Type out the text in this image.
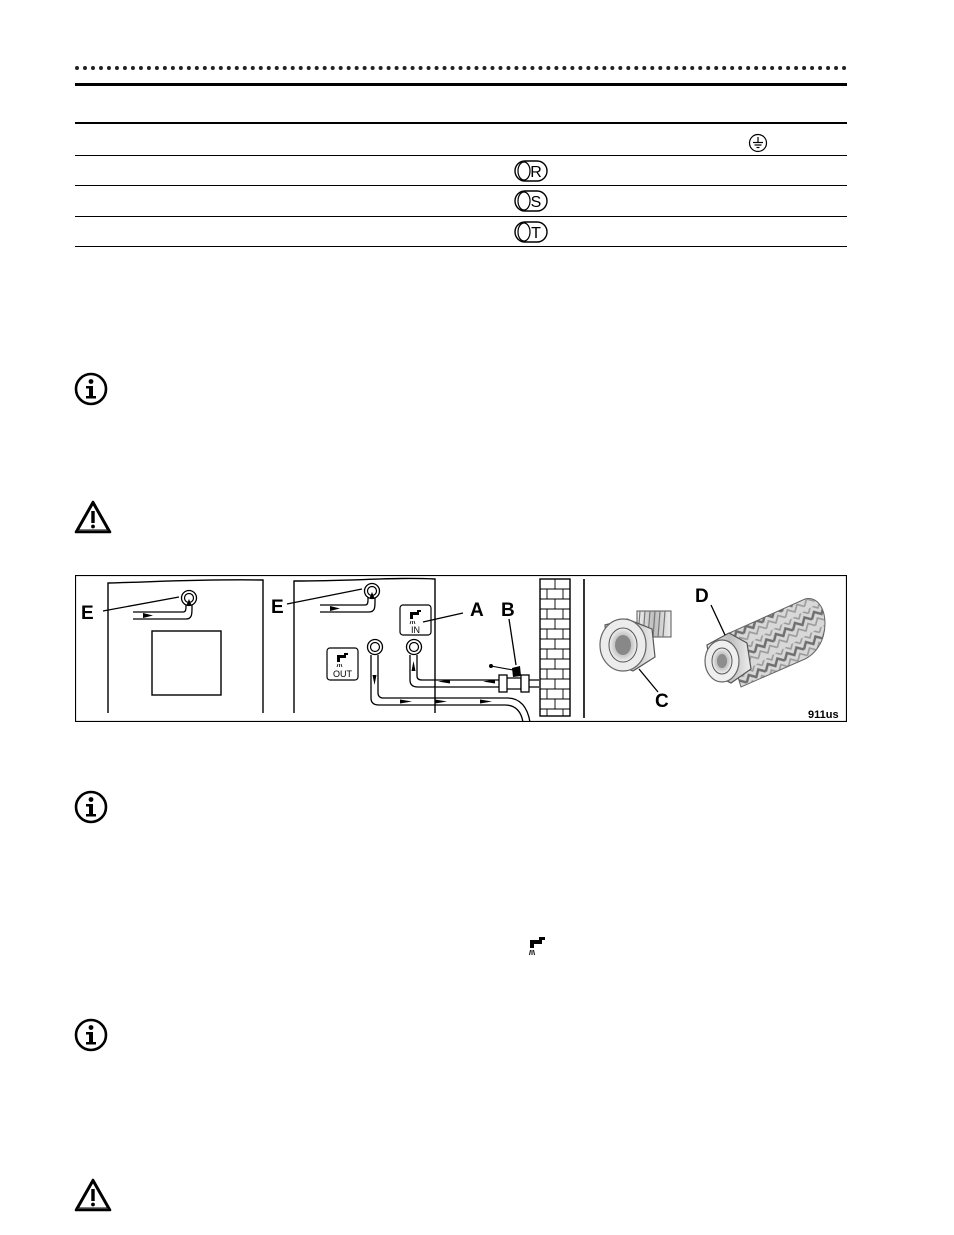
R
S
T
E	E
IN
A
OUT
B
C
D
911us
